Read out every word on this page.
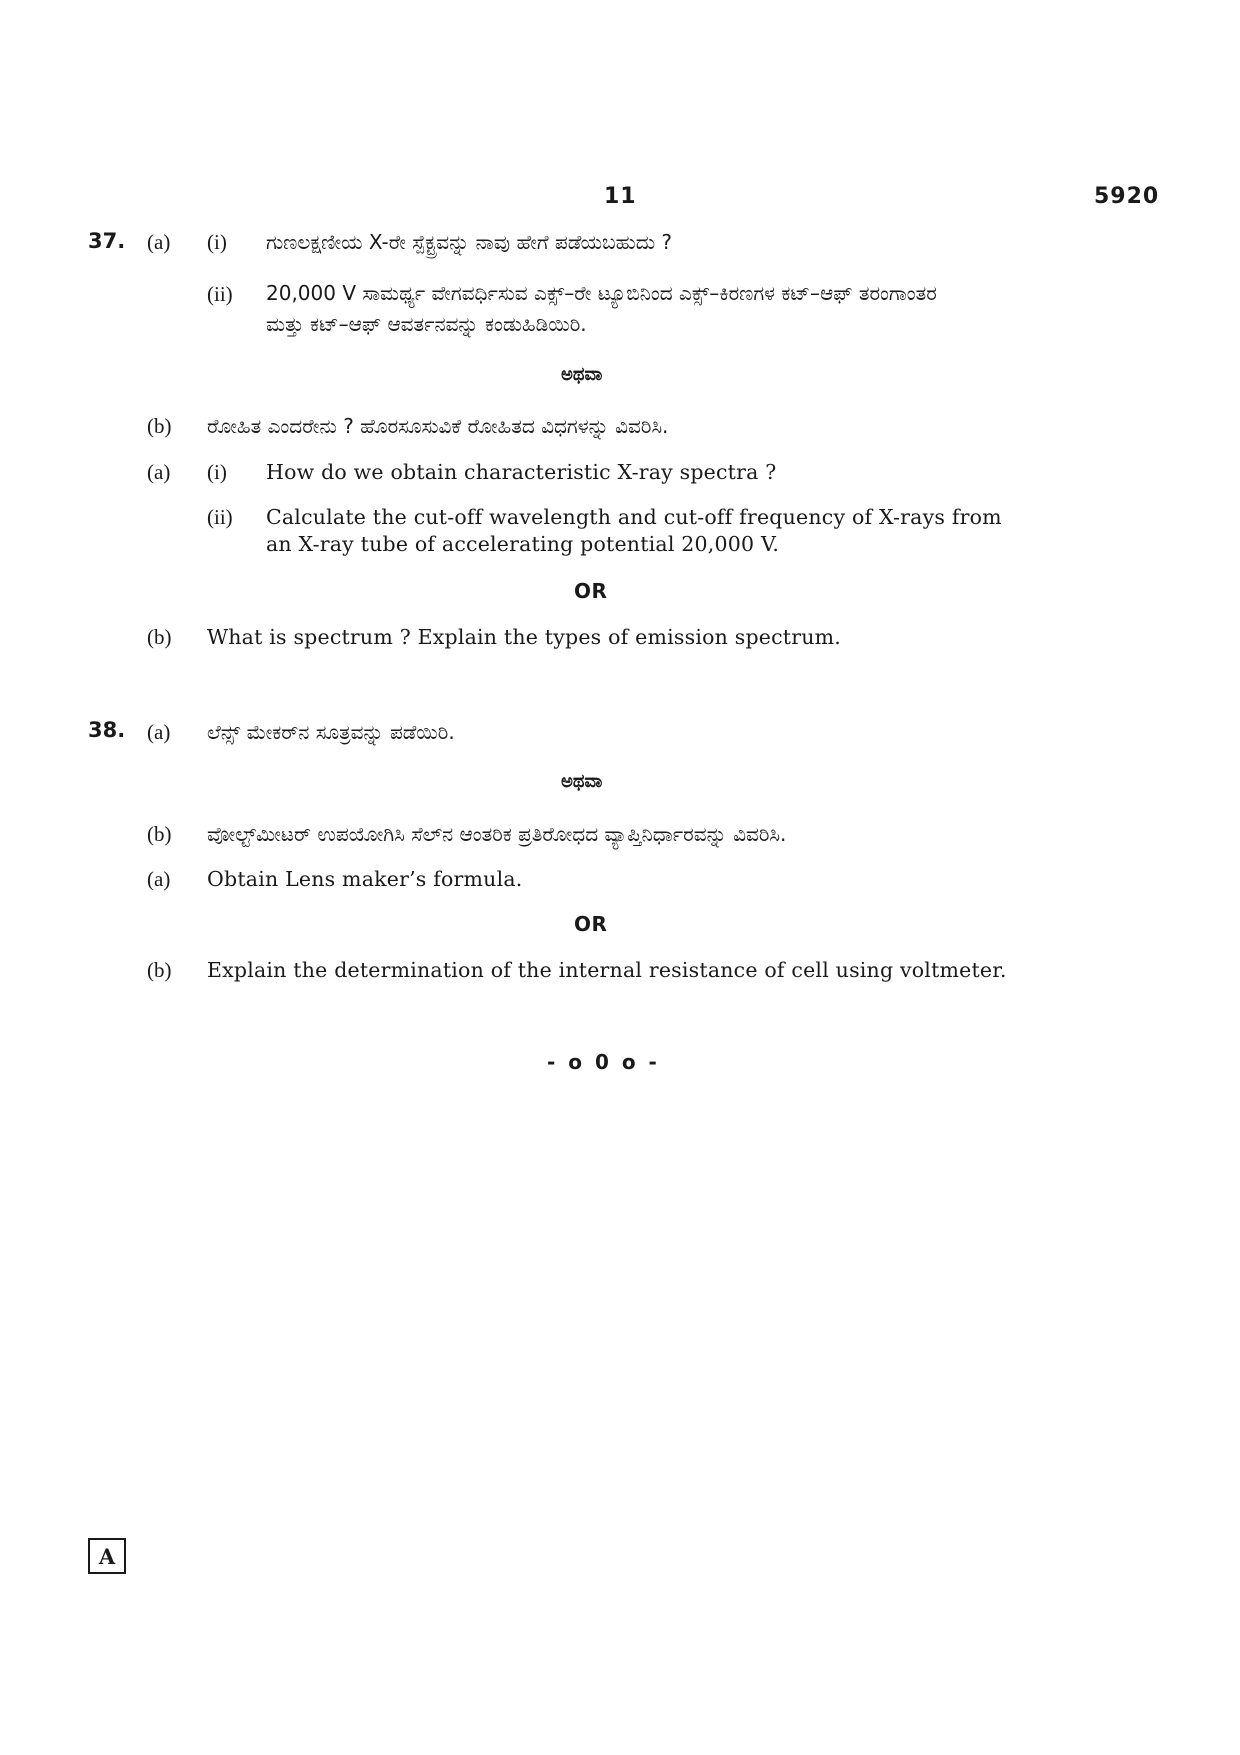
11	5920
37. (a) (i) ಗುಣಲಕ್ಷಣೀಯ X-ರೇ ಸ್ಪೆಕ್ಟ್ರವನ್ನು ನಾವು ಹೇಗೆ ಪಡೆಯಬಹುದು ?
(ii) 20,000 V ಸಾಮರ್ಥ್ಯ ವೇಗವರ್ಧಿಸುವ ಎಕ್ಸ್–ರೇ ಟ್ಯೂಬಿನಿಂದ ಎಕ್ಸ್–ಕಿರಣಗಳ ಕಟ್–ಆಫ್ ತರಂಗಾಂತರ
ಮತ್ತು ಕಟ್–ಆಫ್ ಆವರ್ತನವನ್ನು ಕಂಡುಹಿಡಿಯಿರಿ.
ಅಥವಾ
(b) ರೋಹಿತ ಎಂದರೇನು ? ಹೊರಸೂಸುವಿಕೆ ರೋಹಿತದ ವಿಧಗಳನ್ನು ವಿವರಿಸಿ.
(a) (i) How do we obtain characteristic X-ray spectra ?
(ii) Calculate the cut-off wavelength and cut-off frequency of X-rays from
an X-ray tube of accelerating potential 20,000 V.
OR
(b) What is spectrum ? Explain the types of emission spectrum.
38. (a) ಲೆನ್ಸ್ ಮೇಕರ್‌ನ ಸೂತ್ರವನ್ನು ಪಡೆಯಿರಿ.
ಅಥವಾ
(b) ವೋಲ್ಟ್‌ಮೀಟರ್ ಉಪಯೋಗಿಸಿ ಸೆಲ್‌ನ ಆಂತರಿಕ ಪ್ರತಿರೋಧದ ವ್ಯಾಪ್ತಿನಿರ್ಧಾರವನ್ನು ವಿವರಿಸಿ.
(a) Obtain Lens maker’s formula.
OR
(b) Explain the determination of the internal resistance of cell using voltmeter.
- o 0 o -
A
